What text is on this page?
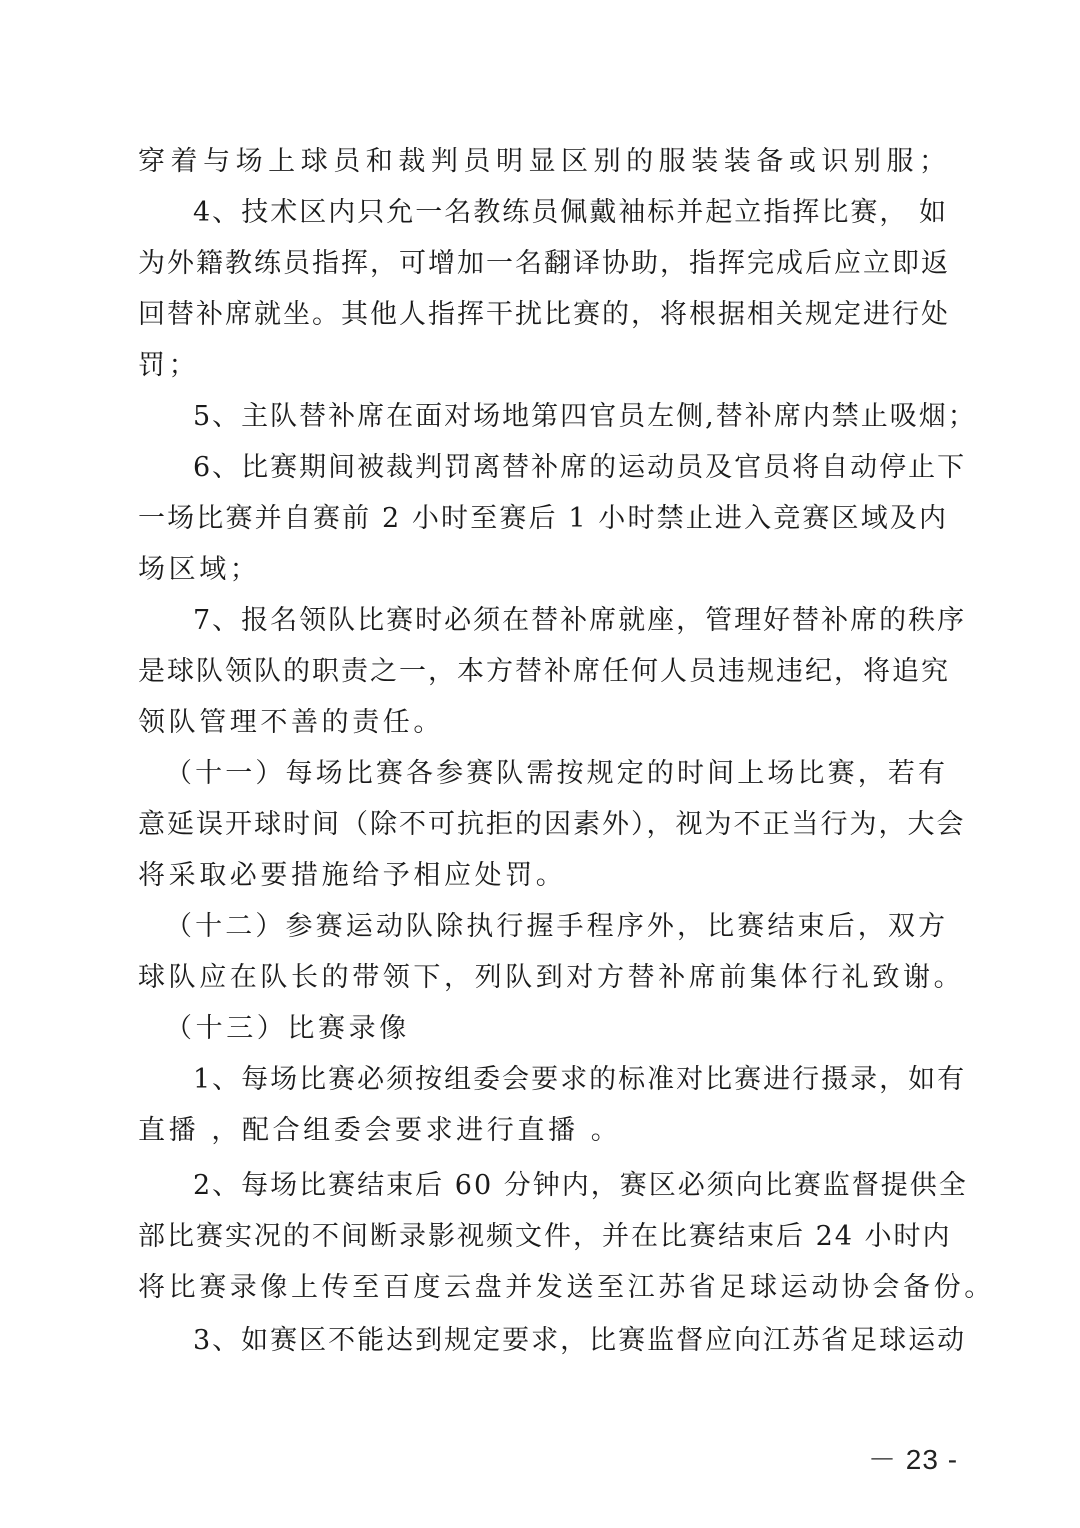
穿着与场上球员和裁判员明显区别的服装装备或识别服；
4、技术区内只允一名教练员佩戴袖标并起立指挥比赛， 如
为外籍教练员指挥，可增加一名翻译协助，指挥完成后应立即返
回替补席就坐。其他人指挥干扰比赛的，将根据相关规定进行处
罚；
5、主队替补席在面对场地第四官员左侧,替补席内禁止吸烟；
6、比赛期间被裁判罚离替补席的运动员及官员将自动停止下
一场比赛并自赛前 2 小时至赛后 1 小时禁止进入竞赛区域及内
场区域；
7、报名领队比赛时必须在替补席就座，管理好替补席的秩序
是球队领队的职责之一，本方替补席任何人员违规违纪，将追究
领队管理不善的责任。
（十一）每场比赛各参赛队需按规定的时间上场比赛，若有
意延误开球时间（除不可抗拒的因素外），视为不正当行为，大会
将采取必要措施给予相应处罚。
（十二）参赛运动队除执行握手程序外，比赛结束后，双方
球队应在队长的带领下，列队到对方替补席前集体行礼致谢。
（十三）比赛录像
1、每场比赛必须按组委会要求的标准对比赛进行摄录，如有
直播 ，配合组委会要求进行直播 。
2、每场比赛结束后 60 分钟内，赛区必须向比赛监督提供全
部比赛实况的不间断录影视频文件，并在比赛结束后 24 小时内
将比赛录像上传至百度云盘并发送至江苏省足球运动协会备份。
3、如赛区不能达到规定要求，比赛监督应向江苏省足球运动
－ 23 -
